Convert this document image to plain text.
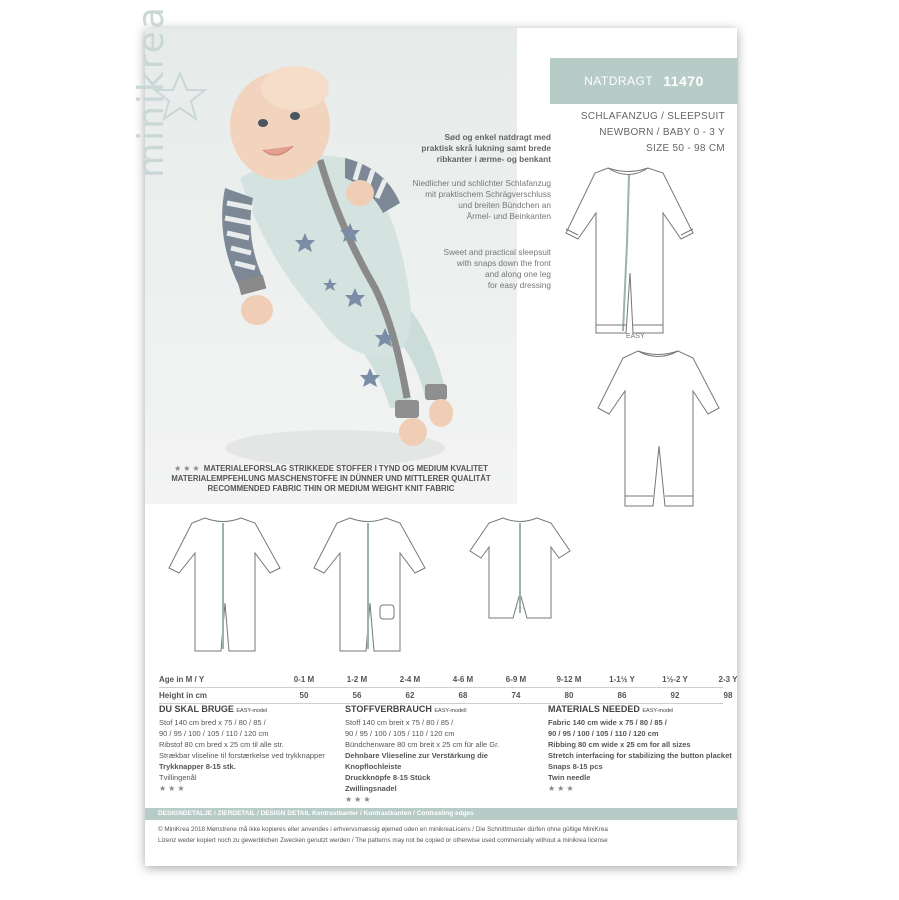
minikrea
★★★ MATERIALEFORSLAG STRIKKEDE STOFFER I TYND OG MEDIUM KVALITET
MATERIALEMPFEHLUNG MASCHENSTOFFE IN DÜNNER UND MITTLERER QUALITÄT
RECOMMENDED FABRIC THIN OR MEDIUM WEIGHT KNIT FABRIC
NATDRAGT 11470
SCHLAFANZUG / SLEEPSUIT
NEWBORN / BABY 0 - 3 Y
SIZE 50 - 98 CM
Sød og enkel natdragt med
praktisk skrå lukning samt brede
ribkanter i ærme- og benkant
Niedlicher und schlichter Schlafanzug
mit praktischem Schrägverschluss
und breiten Bündchen an
Ärmel- und Beinkanten
Sweet and practical sleepsuit
with snaps down the front
and along one leg
for easy dressing
EASY
Age in M / Y	0-1 M	1-2 M	2-4 M	4-6 M	6-9 M	9-12 M	1-1½ Y	1½-2 Y	2-3 Y
Height in cm	50	56	62	68	74	80	86	92	98
DU SKAL BRUGE EASY-model
Stof 140 cm bred x 75 / 80 / 85 /
90 / 95 / 100 / 105 / 110 / 120 cm
Ribstof 80 cm bred x 25 cm til alle str.
Strækbar vliseline til forstærkelse ved trykknapper
Trykknapper 8-15 stk.
Tvillingenål
★★★
STOFFVERBRAUCH EASY-modell
Stoff 140 cm breit x 75 / 80 / 85 /
90 / 95 / 100 / 105 / 110 / 120 cm
Bündchenware 80 cm breit x 25 cm für alle Gr.
Dehnbare Vlieseline zur Verstärkung die Knopflochleiste
Druckknöpfe 8-15 Stück
Zwillingsnadel
★★★
MATERIALS NEEDED EASY-model
Fabric 140 cm wide x 75 / 80 / 85 /
90 / 95 / 100 / 105 / 110 / 120 cm
Ribbing 80 cm wide x 25 cm for all sizes
Stretch interfacing for stabilizing the button placket
Snaps 8-15 pcs
Twin needle
★★★
DESIGNDETALJE / ZIERDETAIL / DESIGN DETAIL Kontrastkanter / Kontrastkanten / Contrasting edges
© MiniKrea 2018 Mønstrene må ikke kopieres eller anvendes i erhvervsmæssig øjemed uden en minikreaLicens / Die Schnittmuster dürfen ohne gültige MiniKrea
Lizenz weder kopiert noch zu gewerblichen Zwecken genutzt werden / The patterns may not be copied or otherwise used commercially without a minikrea license
